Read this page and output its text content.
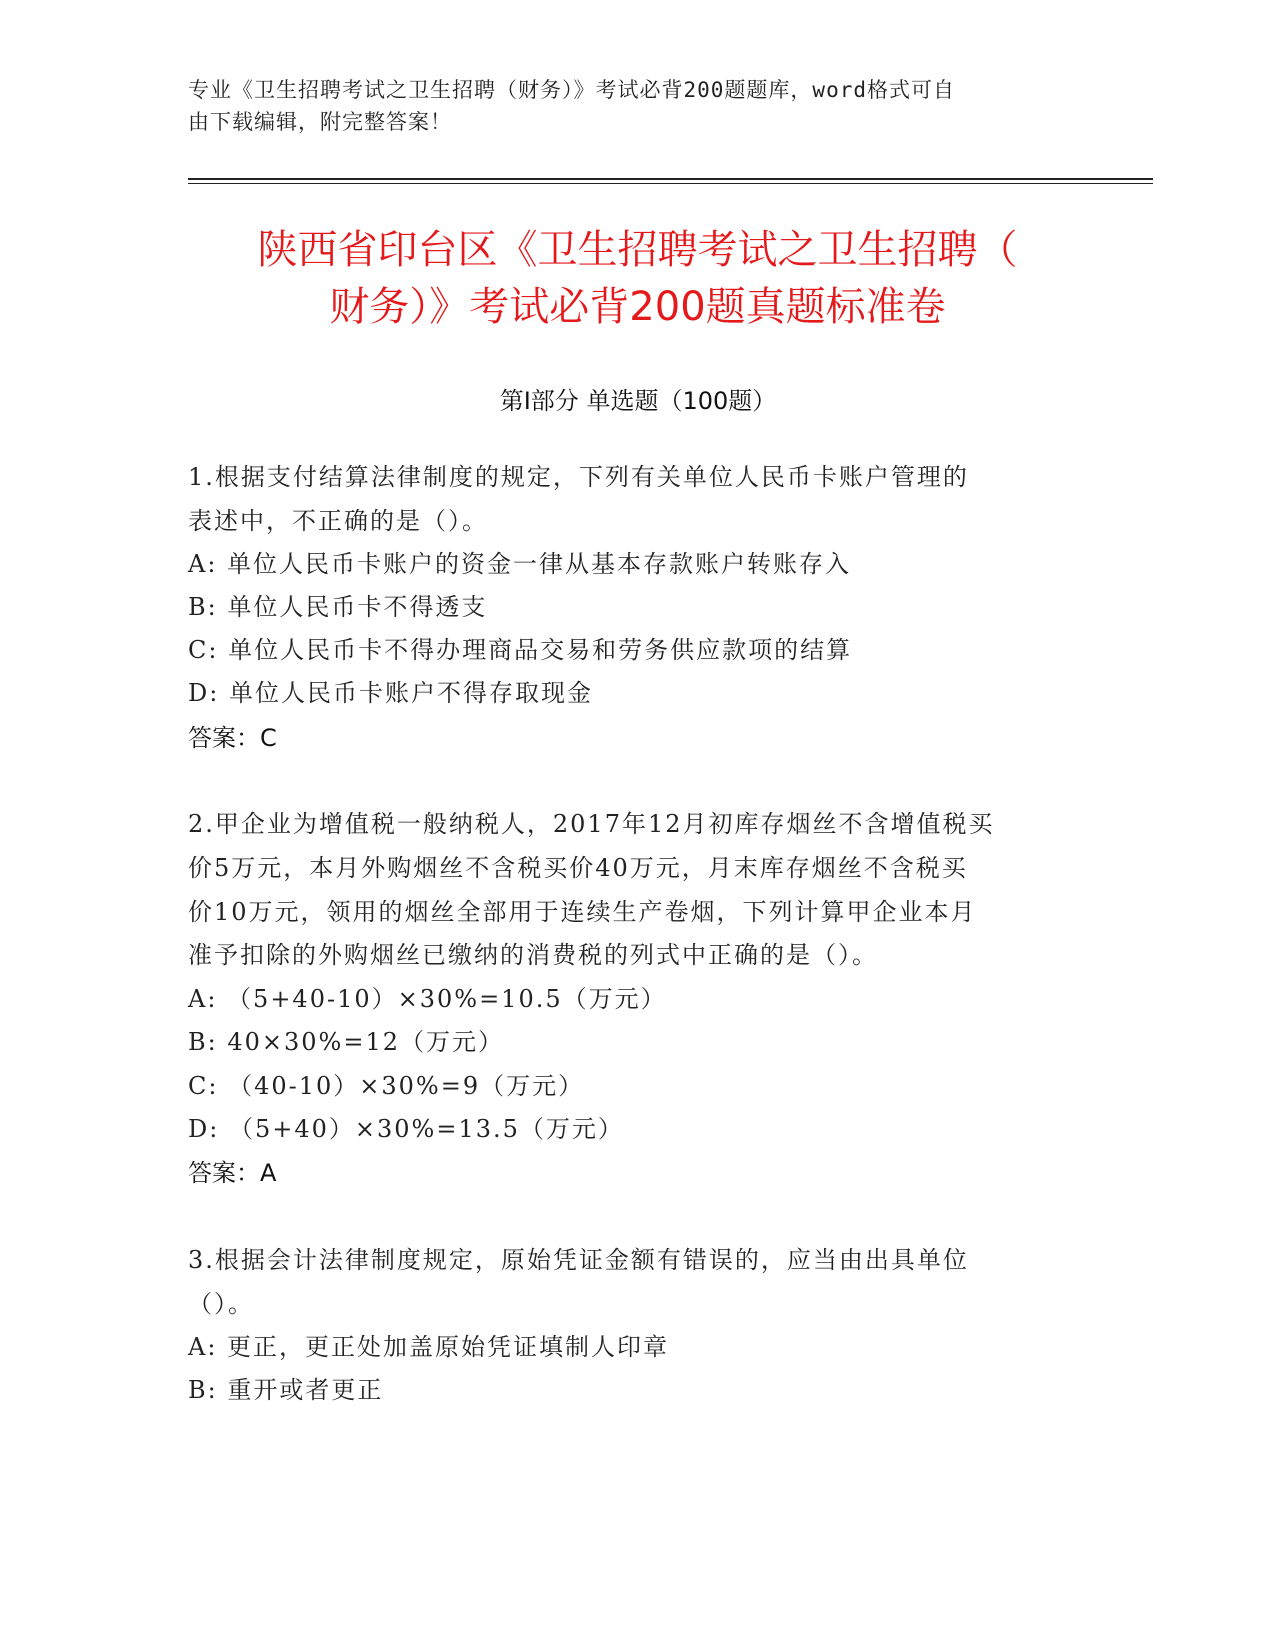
专业《卫生招聘考试之卫生招聘（财务）》考试必背200题题库，word格式可自
由下载编辑，附完整答案！
陕西省印台区《卫生招聘考试之卫生招聘（
财务）》考试必背200题真题标准卷
第I部分 单选题（100题）

1.根据支付结算法律制度的规定，下列有关单位人民币卡账户管理的

表述中，不正确的是（）。

A: 单位人民币卡账户的资金一律从基本存款账户转账存入

B: 单位人民币卡不得透支

C: 单位人民币卡不得办理商品交易和劳务供应款项的结算

D: 单位人民币卡账户不得存取现金

答案：C

2.甲企业为增值税一般纳税人，2017年12月初库存烟丝不含增值税买

价5万元，本月外购烟丝不含税买价40万元，月末库存烟丝不含税买

价10万元，领用的烟丝全部用于连续生产卷烟，下列计算甲企业本月

准予扣除的外购烟丝已缴纳的消费税的列式中正确的是（）。

A: （5+40-10）×30%=10.5（万元）

B: 40×30%=12（万元）

C: （40-10）×30%=9（万元）

D: （5+40）×30%=13.5（万元）

答案：A

3.根据会计法律制度规定，原始凭证金额有错误的，应当由出具单位

（）。

A: 更正，更正处加盖原始凭证填制人印章

B: 重开或者更正
